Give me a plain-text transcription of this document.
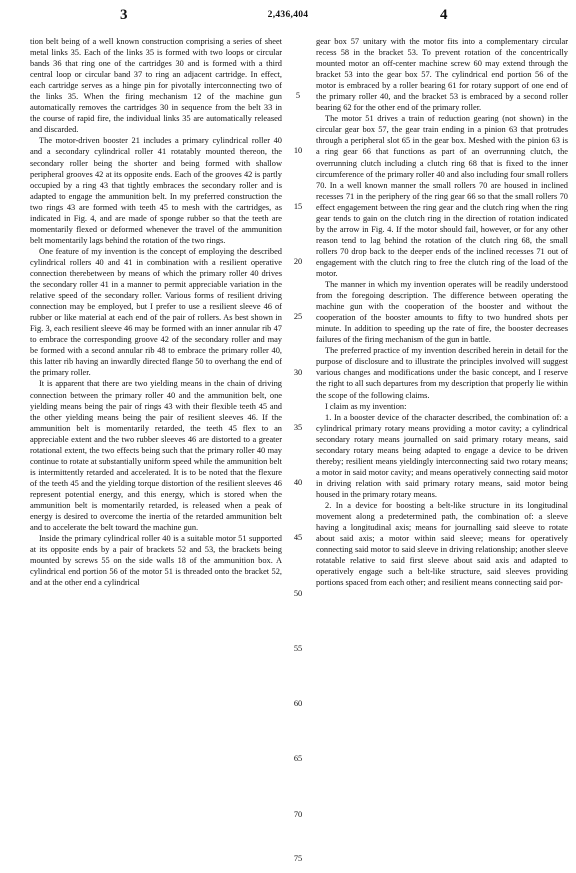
3	2,436,404	4

tion belt being of a well known construction comprising a series of sheet metal links 35. Each of the links 35 is formed with two loops or circular bands 36 that ring one of the cartridges 30 and is formed with a third central loop or circular band 37 to ring an adjacent cartridge. In effect, each cartridge serves as a hinge pin for pivotally interconnecting two of the links 35. When the firing mechanism 12 of the machine gun automatically removes the cartridges 30 in sequence from the belt 33 in the course of rapid fire, the individual links 35 are automatically released and discarded.

The motor-driven booster 21 includes a primary cylindrical roller 40 and a secondary cylindrical roller 41 rotatably mounted thereon, the secondary roller being the shorter and being formed with shallow peripheral grooves 42 at its opposite ends. Each of the grooves 42 is partly occupied by a ring 43 that tightly embraces the secondary roller and is adapted to engage the ammunition belt. In my preferred construction the two rings 43 are formed with teeth 45 to mesh with the cartridges, as indicated in Fig. 4, and are made of sponge rubber so that the teeth are momentarily flexed or deformed whenever the travel of the ammunition belt momentarily lags behind the rotation of the two rings.

One feature of my invention is the concept of employing the described cylindrical rollers 40 and 41 in combination with a resilient operative connection therebetween by means of which the primary roller 40 drives the secondary roller 41 in a manner to permit appreciable variation in the relative speed of the secondary roller. Various forms of resilient driving connection may be employed, but I prefer to use a resilient sleeve 46 of rubber or like material at each end of the pair of rollers. As best shown in Fig. 3, each resilient sleeve 46 may be formed with an inner annular rib 47 to embrace the corresponding groove 42 of the secondary roller and may be formed with a second annular rib 48 to embrace the primary roller 40, this latter rib having an inwardly directed flange 50 to overhang the end of the primary roller.

It is apparent that there are two yielding means in the chain of driving connection between the primary roller 40 and the ammunition belt, one yielding means being the pair of rings 43 with their flexible teeth 45 and the other yielding means being the pair of resilient sleeves 46. If the ammunition belt is momentarily retarded, the teeth 45 flex to an appreciable extent and the two rubber sleeves 46 are distorted to a greater rotational extent, the two effects being such that the primary roller 40 may continue to rotate at substantially uniform speed while the ammunition belt is intermittently retarded and accelerated. It is to be noted that the flexure of the teeth 45 and the yielding torque distortion of the resilient sleeves 46 represent potential energy, and this energy, which is stored when the ammunition belt is momentarily retarded, is released when a peak of energy is desired to overcome the inertia of the retarded ammunition belt and to accelerate the belt toward the machine gun.

Inside the primary cylindrical roller 40 is a suitable motor 51 supported at its opposite ends by a pair of brackets 52 and 53, the brackets being mounted by screws 55 on the side walls 18 of the ammunition box. A cylindrical end portion 56 of the motor 51 is threaded onto the bracket 52, and at the other end a cylindrical

5
10
15
20
25
30
35
40
45
50
55
60
65
70
75

gear box 57 unitary with the motor fits into a complementary circular recess 58 in the bracket 53. To prevent rotation of the concentrically mounted motor an off-center machine screw 60 may extend through the bracket 53 into the gear box 57. The cylindrical end portion 56 of the motor is embraced by a roller bearing 61 for rotary support of one end of the primary roller 40, and the bracket 53 is embraced by a second roller bearing 62 for the other end of the primary roller.

The motor 51 drives a train of reduction gearing (not shown) in the circular gear box 57, the gear train ending in a pinion 63 that protrudes through a peripheral slot 65 in the gear box. Meshed with the pinion 63 is a ring gear 66 that functions as part of an overrunning clutch, the overrunning clutch including a clutch ring 68 that is fixed to the inner circumference of the primary roller 40 and also including four small rollers 70. In a well known manner the small rollers 70 are housed in inclined recesses 71 in the periphery of the ring gear 66 so that the small rollers 70 effect engagement between the ring gear and the clutch ring when the ring gear tends to gain on the clutch ring in the direction of rotation indicated by the arrow in Fig. 4. If the motor should fail, however, or for any other reason tend to lag behind the rotation of the clutch ring 68, the small rollers 70 drop back to the deeper ends of the inclined recesses 71 out of engagement with the clutch ring to free the clutch ring of the load of the motor.

The manner in which my invention operates will be readily understood from the foregoing description. The difference between operating the machine gun with the cooperation of the booster and without the cooperation of the booster amounts to fifty to two hundred shots per minute. In addition to speeding up the rate of fire, the booster decreases failures of the firing mechanism of the gun in battle.

The preferred practice of my invention described herein in detail for the purpose of disclosure and to illustrate the principles involved will suggest various changes and modifications under the basic concept, and I reserve the right to all such departures from my description that properly lie within the scope of the following claims.

I claim as my invention:

1. In a booster device of the character described, the combination of: a cylindrical primary rotary means providing a motor cavity; a cylindrical secondary rotary means journalled on said primary rotary means, said secondary rotary means being adapted to engage a device to be driven thereby; resilient means yieldingly interconnecting said two rotary means; a motor in said motor cavity; and means operatively connecting said motor in driving relation with said primary rotary means, said motor being housed in the primary rotary means.

2. In a device for boosting a belt-like structure in its longitudinal movement along a predetermined path, the combination of: a sleeve having a longitudinal axis; means for journalling said sleeve to rotate about said axis; a motor within said sleeve; means for operatively connecting said motor to said sleeve in driving relationship; another sleeve rotatable relative to said first sleeve about said axis and adapted to operatively engage such a belt-like structure, said sleeves providing portions spaced from each other; and resilient means connecting said por-
